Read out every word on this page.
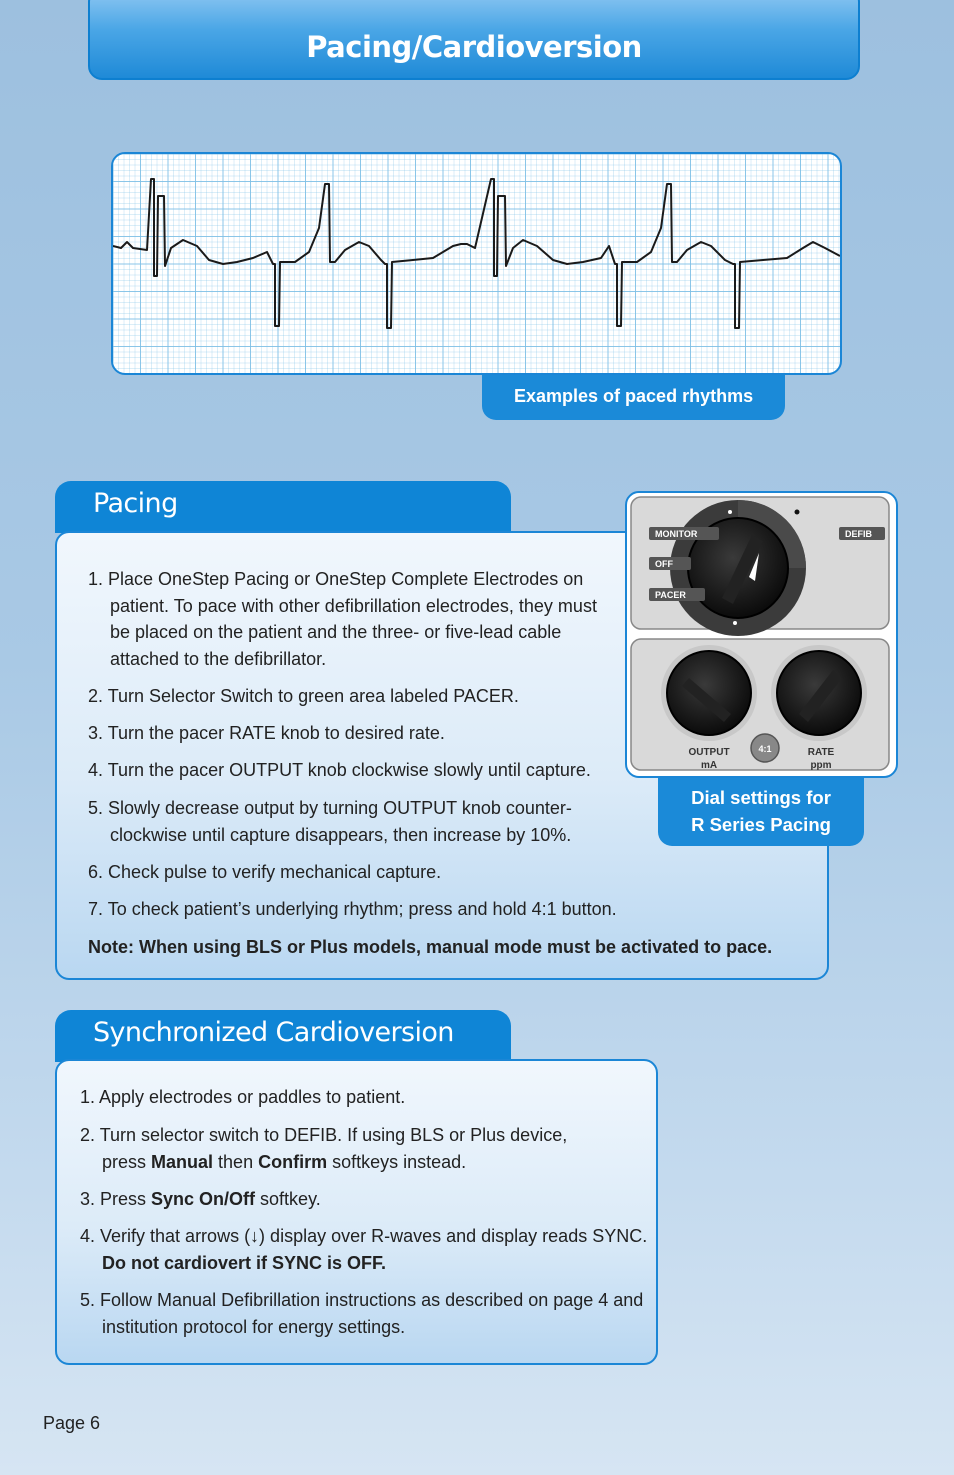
Pacing/Cardioversion
Examples of paced rhythms
Pacing
1. Place OneStep Pacing or OneStep Complete Electrodes on
patient. To pace with other defibrillation electrodes, they must
be placed on the patient and the three- or five-lead cable
attached to the defibrillator.
2. Turn Selector Switch to green area labeled PACER.
3. Turn the pacer RATE knob to desired rate.
4. Turn the pacer OUTPUT knob clockwise slowly until capture.
5. Slowly decrease output by turning OUTPUT knob counter-
clockwise until capture disappears, then increase by 10%.
6. Check pulse to verify mechanical capture.
7. To check patient’s underlying rhythm; press and hold 4:1 button.
Note: When using BLS or Plus models, manual mode must be activated to pace.
MONITOR	DEFIB
OFF
PACER
4:1
OUTPUT
mA
RATE
ppm
Dial settings for
R Series Pacing
Synchronized Cardioversion
1. Apply electrodes or paddles to patient.
2. Turn selector switch to DEFIB. If using BLS or Plus device,
press Manual then Confirm softkeys instead.
3. Press Sync On/Off softkey.
4. Verify that arrows (↓) display over R-waves and display reads SYNC.
Do not cardiovert if SYNC is OFF.
5. Follow Manual Defibrillation instructions as described on page 4 and
institution protocol for energy settings.
Page 6
